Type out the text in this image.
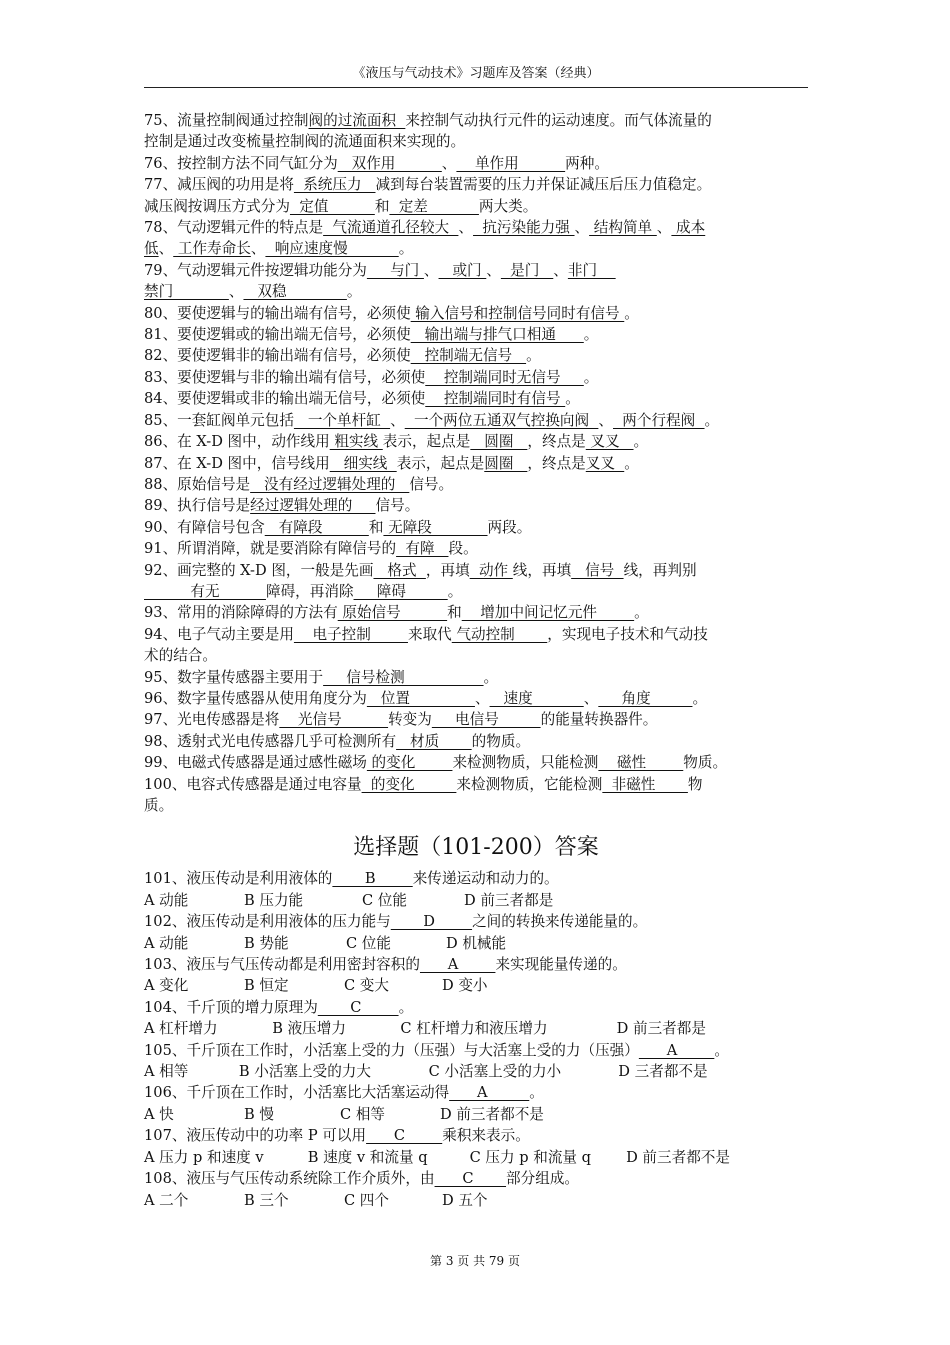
《液压与气动技术》习题库及答案（经典）
75、流量控制阀通过控制阀的过流面积  来控制气动执行元件的运动速度。而气体流量的
控制是通过改变梳量控制阀的流通面积来实现的。
76、按控制方法不同气缸分为   双作用          、    单作用          两种。
77、减压阀的功用是将  系统压力   减到每台装置需要的压力并保证减压后压力值稳定。
减压阀按调压方式分为  定值          和  定差           两大类。
78、气动逻辑元件的特点是  气流通道孔径较大  、  抗污染能力强 、 结构简单 、 成本
低、 工作寿命长、  响应速度慢           。
79、气动逻辑元件按逻辑功能分为     与门 、   或门 、  是门   、非门
禁门            、   双稳             。
80、要使逻辑与的输出端有信号，必须使 输入信号和控制信号同时有信号 。
81、要使逻辑或的输出端无信号，必须使   输出端与排气口相通      。
82、要使逻辑非的输出端有信号，必须使   控制端无信号   。
83、要使逻辑与非的输出端有信号，必须使    控制端同时无信号     。
84、要使逻辑或非的输出端无信号，必须使    控制端同时有信号 。
85、一套缸阀单元包括   一个单杆缸  、  一个两位五通双气控换向阀  、  两个行程阀  。
86、在 X-D 图中，动作线用 粗实线 表示，起点是   圆圈   ，终点是 叉叉   。
87、在 X-D 图中，信号线用   细实线  表示，起点是圆圈   ，终点是叉叉  。
88、原始信号是   没有经过逻辑处理的   信号。
89、执行信号是经过逻辑处理的     信号。
90、有障信号包含   有障段          和 无障段            两段。
91、所谓消障，就是要消除有障信号的  有障   段。
92、画完整的 X-D 图，一般是先画   格式  ，再填  动作 线，再填   信号  线，再判别
有无          障碍，再消除     障碍         。
93、常用的消除障碍的方法有 原始信号          和    增加中间记忆元件        。
94、电子气动主要是用    电子控制        来取代 气动控制       ，实现电子技术和气动技
术的结合。
95、数字量传感器主要用于     信号检测                 。
96、数字量传感器从使用角度分为   位置              、   速度           、     角度         。
97、光电传感器是将    光信号          转变为     电信号         的能量转换器件。
98、透射式光电传感器几乎可检测所有   材质       的物质。
99、电磁式传感器是通过感性磁场 的变化        来检测物质，只能检测    磁性        物质。
100、电容式传感器是通过电容量  的变化         来检测物质，它能检测  非磁性       物
质。
选择题（101-200）答案
101、液压传动是利用液体的       B        来传递运动和动力的。
A 动能	B 压力能	C 位能	D 前三者都是
102、液压传动是利用液体的压力能与       D        之间的转换来传递能量的。
A 动能	B 势能	C 位能	D 机械能
103、液压与气压传动都是利用密封容积的      A        来实现能量传递的。
A 变化	B 恒定	C 变大	D 变小
104、千斤顶的增力原理为       C        。
A 杠杆增力	B 液压增力	C 杠杆增力和液压增力	D 前三者都是
105、千斤顶在工作时，小活塞上受的力（压强）与大活塞上受的力（压强）      A        。
A 相等	B 小活塞上受的力大	C 小活塞上受的力小	D 三者都不是
106、千斤顶在工作时，小活塞比大活塞运动得      A         。
A 快	B 慢	C 相等	D 前三者都不是
107、液压传动中的功率 P 可以用      C        乘积来表示。
A 压力 p 和速度 v	B 速度 v 和流量 q	C 压力 p 和流量 q	D 前三者都不是
108、液压与气压传动系统除工作介质外，由      C       部分组成。
A 二个	B 三个	C 四个	D 五个
第 3 页 共 79 页
